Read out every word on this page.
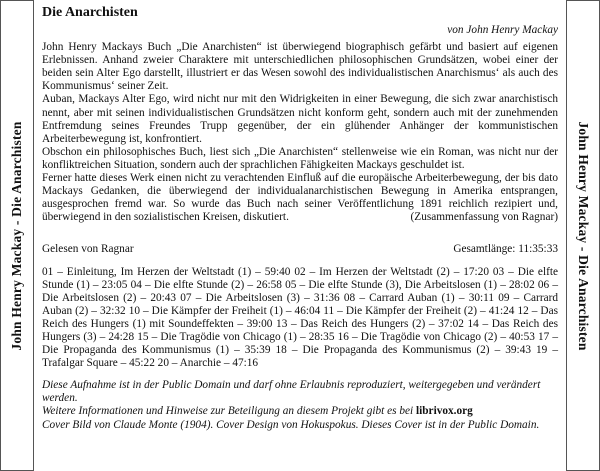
John Henry Mackay - Die Anarchisten
Die Anarchisten
von John Henry Mackay

John Henry Mackays Buch „Die Anarchisten“ ist überwiegend biographisch gefärbt und basiert auf eigenen Erlebnissen. Anhand zweier Charaktere mit unterschiedlichen philosophischen Grundsätzen, wobei einer der beiden sein Alter Ego darstellt, illustriert er das Wesen sowohl des individualistischen Anarchismus‘ als auch des Kommunismus‘ seiner Zeit.

Auban, Mackays Alter Ego, wird nicht nur mit den Widrigkeiten in einer Bewegung, die sich zwar anarchistisch nennt, aber mit seinen individualistischen Grundsätzen nicht konform geht, sondern auch mit der zunehmenden Entfremdung seines Freundes Trupp gegenüber, der ein glühender Anhänger der kommunistischen Arbeiterbewegung ist, konfrontiert.

Obschon ein philosophisches Buch, liest sich „Die Anarchisten“ stellenweise wie ein Roman, was nicht nur der konfliktreichen Situation, sondern auch der sprachlichen Fähigkeiten Mackays geschuldet ist.

Ferner hatte dieses Werk einen nicht zu verachtenden Einfluß auf die europäische Arbeiterbewegung, der bis dato Mackays Gedanken, die überwiegend der individualanarchistischen Bewegung in Amerika entsprangen, ausgesprochen fremd war. So wurde das Buch nach seiner Veröffentlichung 1891 reichlich rezipiert und, überwiegend in den sozialistischen Kreisen, diskutiert.	(Zusammenfassung von Ragnar)

Gelesen von Ragnar	Gesamtlänge: 11:35:33
01 – Einleitung, Im Herzen der Weltstadt (1) – 59:40 02 – Im Herzen der Weltstadt (2) – 17:20 03 – Die elfte Stunde (1) – 23:05 04 – Die elfte Stunde (2) – 26:58 05 – Die elfte Stunde (3), Die Arbeitslosen (1) – 28:02 06 – Die Arbeitslosen (2) – 20:43 07 – Die Arbeitslosen (3) – 31:36 08 – Carrard Auban (1) – 30:11 09 – Carrard Auban (2) – 32:32 10 – Die Kämpfer der Freiheit (1) – 46:04 11 – Die Kämpfer der Freiheit (2) – 41:24 12 – Das Reich des Hungers (1) mit Soundeffekten – 39:00 13 – Das Reich des Hungers (2) – 37:02 14 – Das Reich des Hungers (3) – 24:28 15 – Die Tragödie von Chicago (1) – 28:35 16 – Die Tragödie von Chicago (2) – 40:53 17 – Die Propaganda des Kommunismus (1) – 35:39 18 – Die Propaganda des Kommunismus (2) – 39:43 19 – Trafalgar Square – 45:22 20 – Anarchie – 47:16

Diese Aufnahme ist in der Public Domain und darf ohne Erlaubnis reproduziert, weitergegeben und verändert werden.

Weitere Informationen und Hinweise zur Beteiligung an diesem Projekt gibt es bei librivox.org

Cover Bild von Claude Monte (1904). Cover Design von Hokuspokus. Dieses Cover ist in der Public Domain.

John Henry Mackay - Die Anarchisten
